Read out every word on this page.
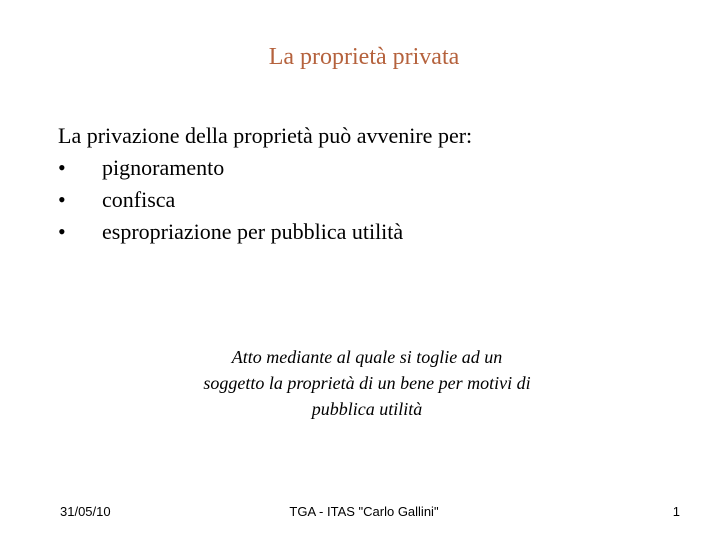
La proprietà privata

La privazione della proprietà può avvenire per:

•	pignoramento
•	confisca
•	espropriazione per pubblica utilità
Atto mediante al quale si toglie ad un
soggetto la proprietà di un bene per motivi di
pubblica utilità
31/05/10	TGA - ITAS "Carlo Gallini"	1
